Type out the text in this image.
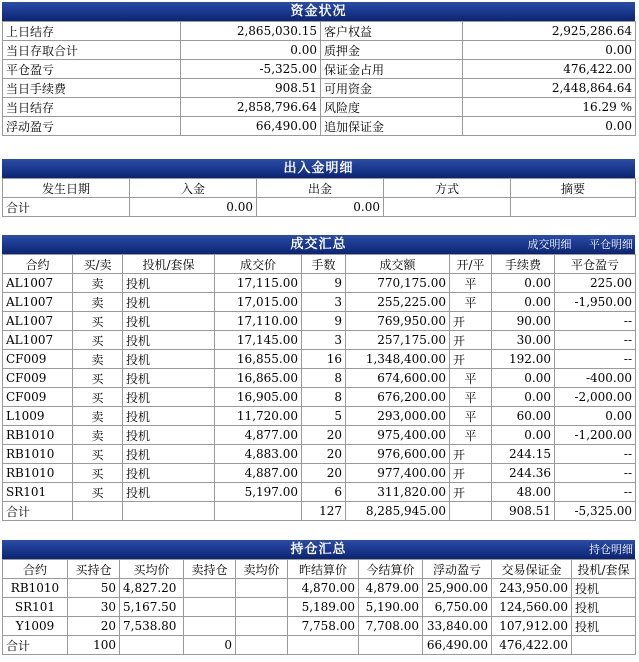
资金状况
上日结存	2,865,030.15	客户权益	2,925,286.64
当日存取合计	0.00	质押金	0.00
平仓盈亏	-5,325.00	保证金占用	476,422.00
当日手续费	908.51	可用资金	2,448,864.64
当日结存	2,858,796.64	风险度	16.29 %
浮动盈亏	66,490.00	追加保证金	0.00
出入金明细
发生日期	入金	出金	方式	摘要
合计	0.00	0.00		
成交汇总	成交明细 平仓明细
合约	买/卖	投机/套保	成交价	手数	成交额	开/平	手续费	平仓盈亏
AL1007	卖	投机	17,115.00	9	770,175.00	平	0.00	225.00
AL1007	卖	投机	17,015.00	3	255,225.00	平	0.00	-1,950.00
AL1007	买	投机	17,110.00	9	769,950.00	开	90.00	--
AL1007	买	投机	17,145.00	3	257,175.00	开	30.00	--
CF009	卖	投机	16,855.00	16	1,348,400.00	开	192.00	--
CF009	买	投机	16,865.00	8	674,600.00	平	0.00	-400.00
CF009	买	投机	16,905.00	8	676,200.00	平	0.00	-2,000.00
L1009	卖	投机	11,720.00	5	293,000.00	平	60.00	0.00
RB1010	卖	投机	4,877.00	20	975,400.00	平	0.00	-1,200.00
RB1010	买	投机	4,883.00	20	976,600.00	开	244.15	--
RB1010	买	投机	4,887.00	20	977,400.00	开	244.36	--
SR101	买	投机	5,197.00	6	311,820.00	开	48.00	--
合计				127	8,285,945.00		908.51	-5,325.00
持仓汇总	持仓明细
合约	买持仓	买均价	卖持仓	卖均价	昨结算价	今结算价	浮动盈亏	交易保证金	投机/套保
RB1010	50	4,827.20			4,870.00	4,879.00	25,900.00	243,950.00	投机
SR101	30	5,167.50			5,189.00	5,190.00	6,750.00	124,560.00	投机
Y1009	20	7,538.80			7,758.00	7,708.00	33,840.00	107,912.00	投机
合计	100		0				66,490.00	476,422.00	
